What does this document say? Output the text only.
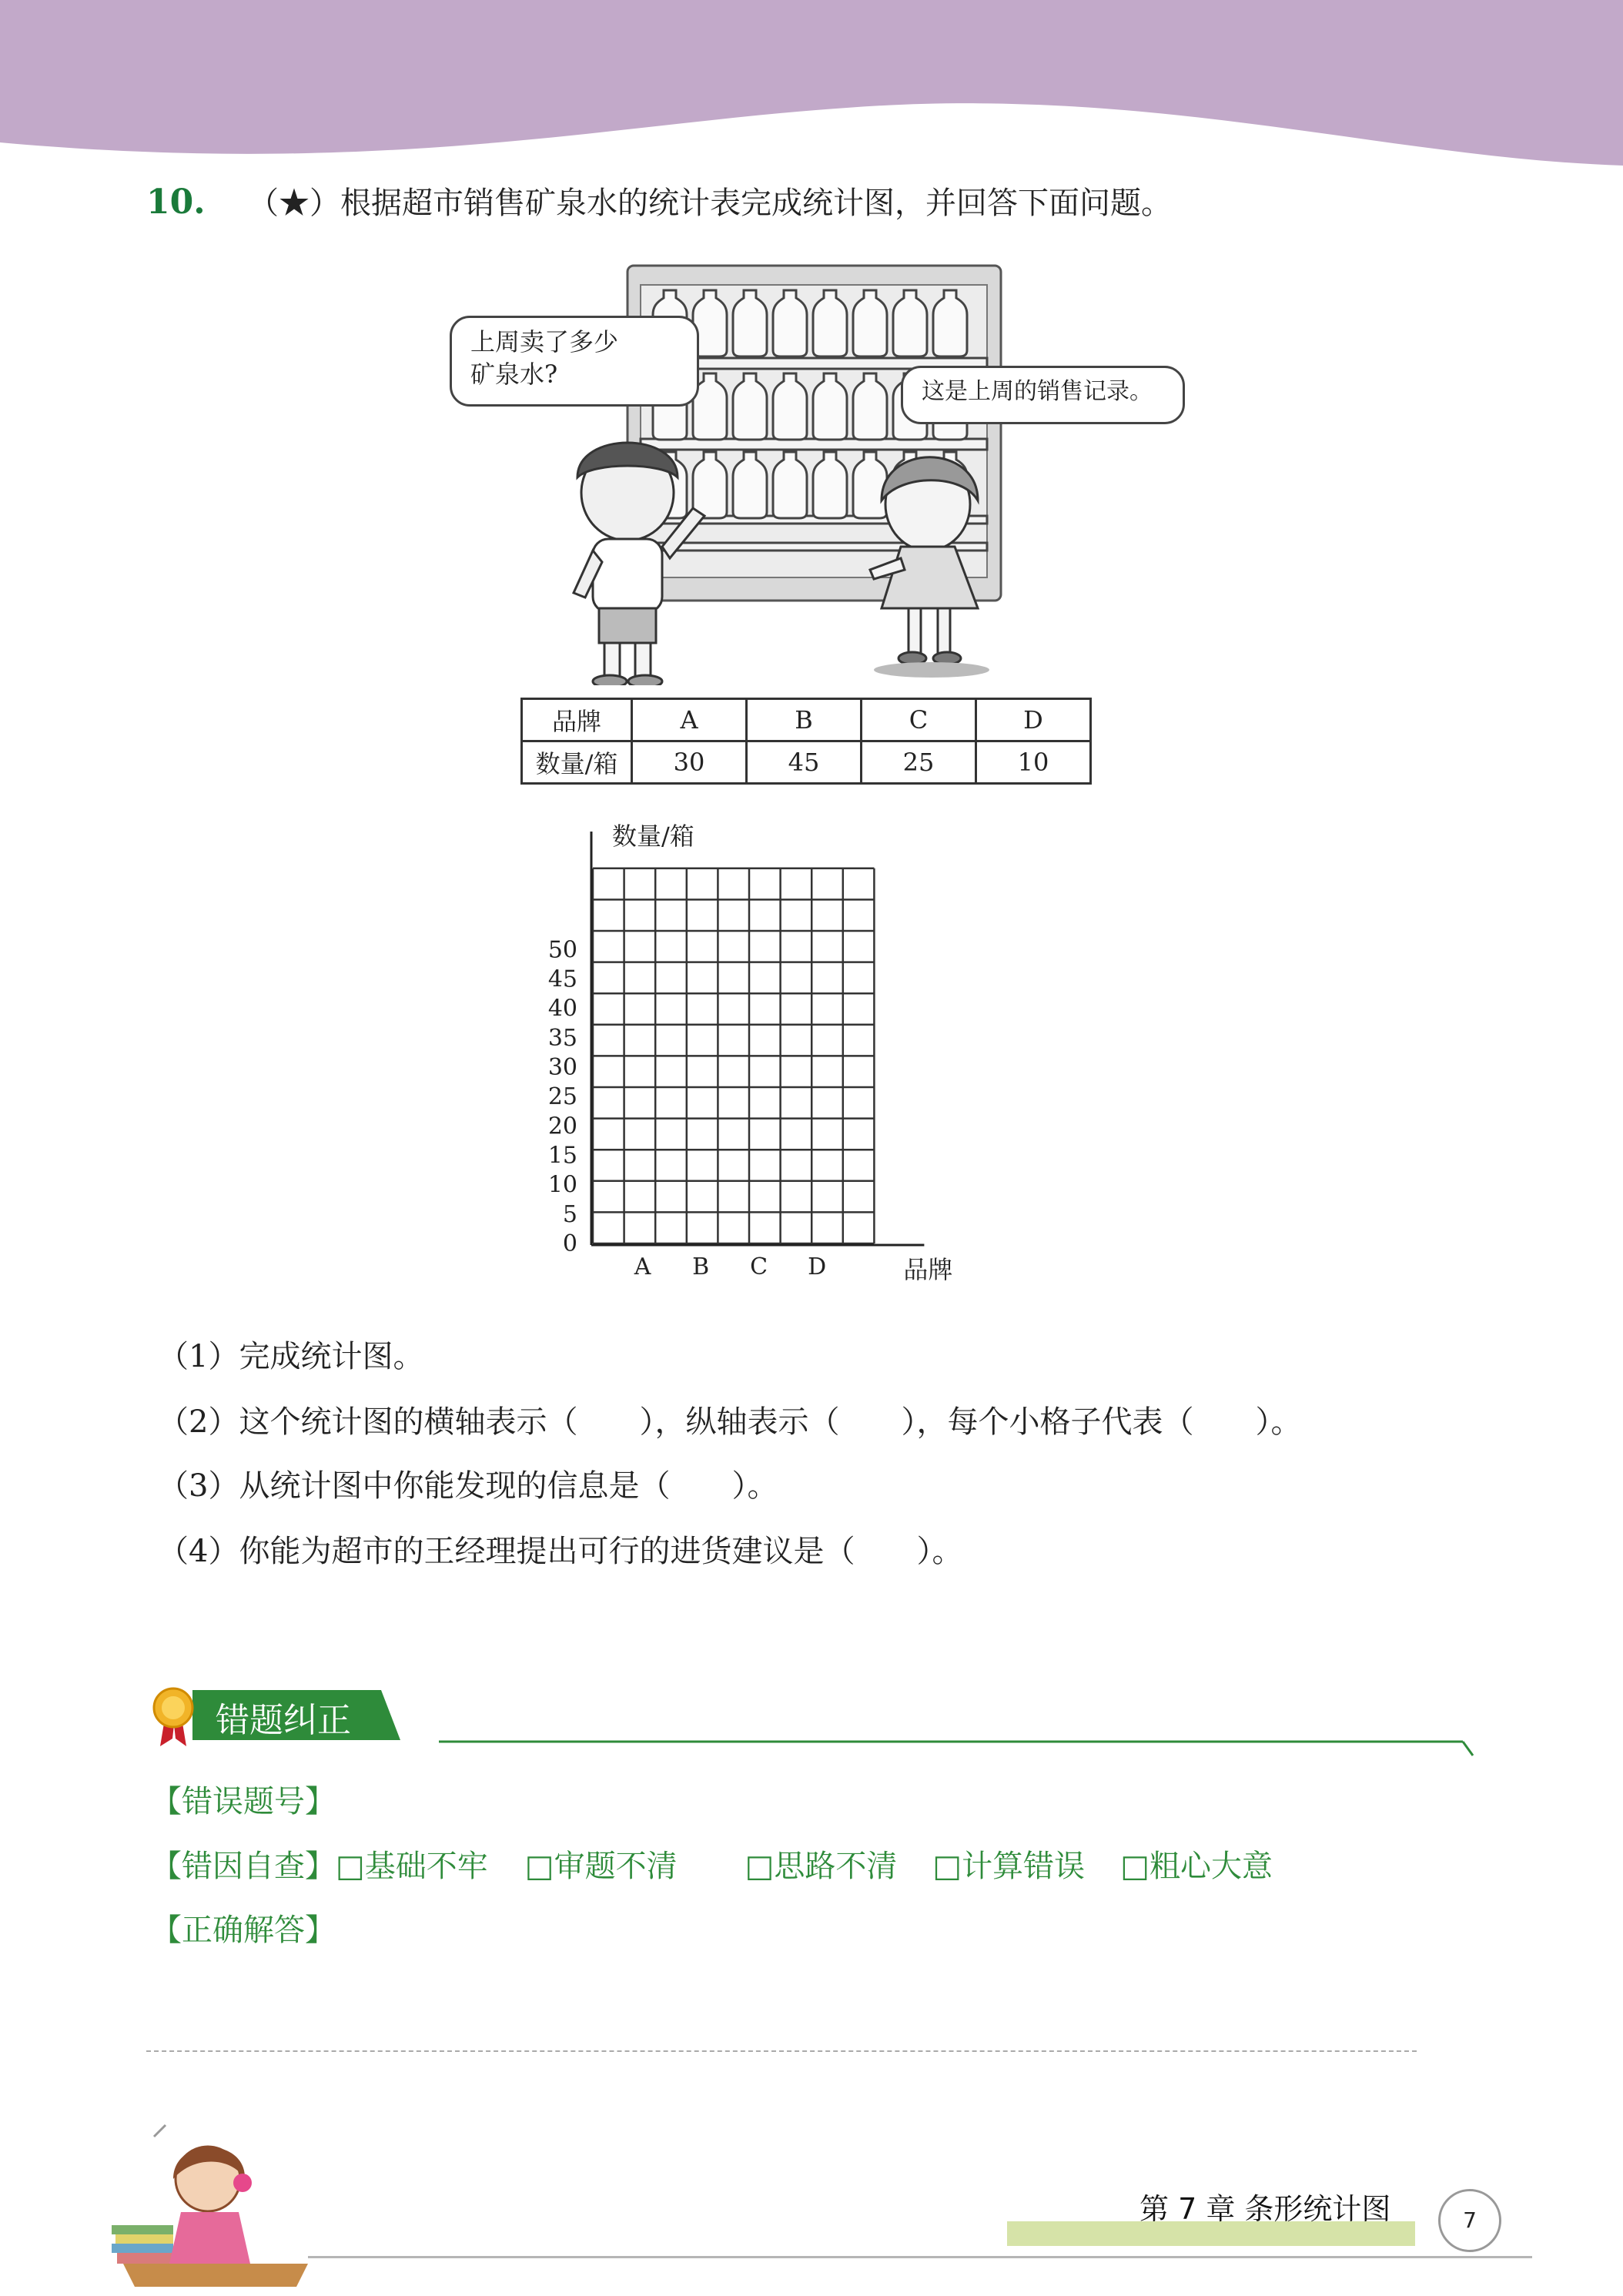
10. （★）根据超市销售矿泉水的统计表完成统计图，并回答下面问题。
上周卖了多少
矿泉水?
这是上周的销售记录。
品牌	A	B	C	D
数量/箱	30	45	25	10
数量/箱
0
5
10
15
20
25
30
35
40
45
50
A B C D	品牌
（1）完成统计图。
（2）这个统计图的横轴表示（　　），纵轴表示（　　），每个小格子代表（　　）。
（3）从统计图中你能发现的信息是（　　）。
（4）你能为超市的王经理提出可行的进货建议是（　　）。
错题纠正
【错误题号】
【错因自查】□基础不牢 □审题不清 □思路不清 □计算错误 □粗心大意
【正确解答】
第 7 章 条形统计图	7
